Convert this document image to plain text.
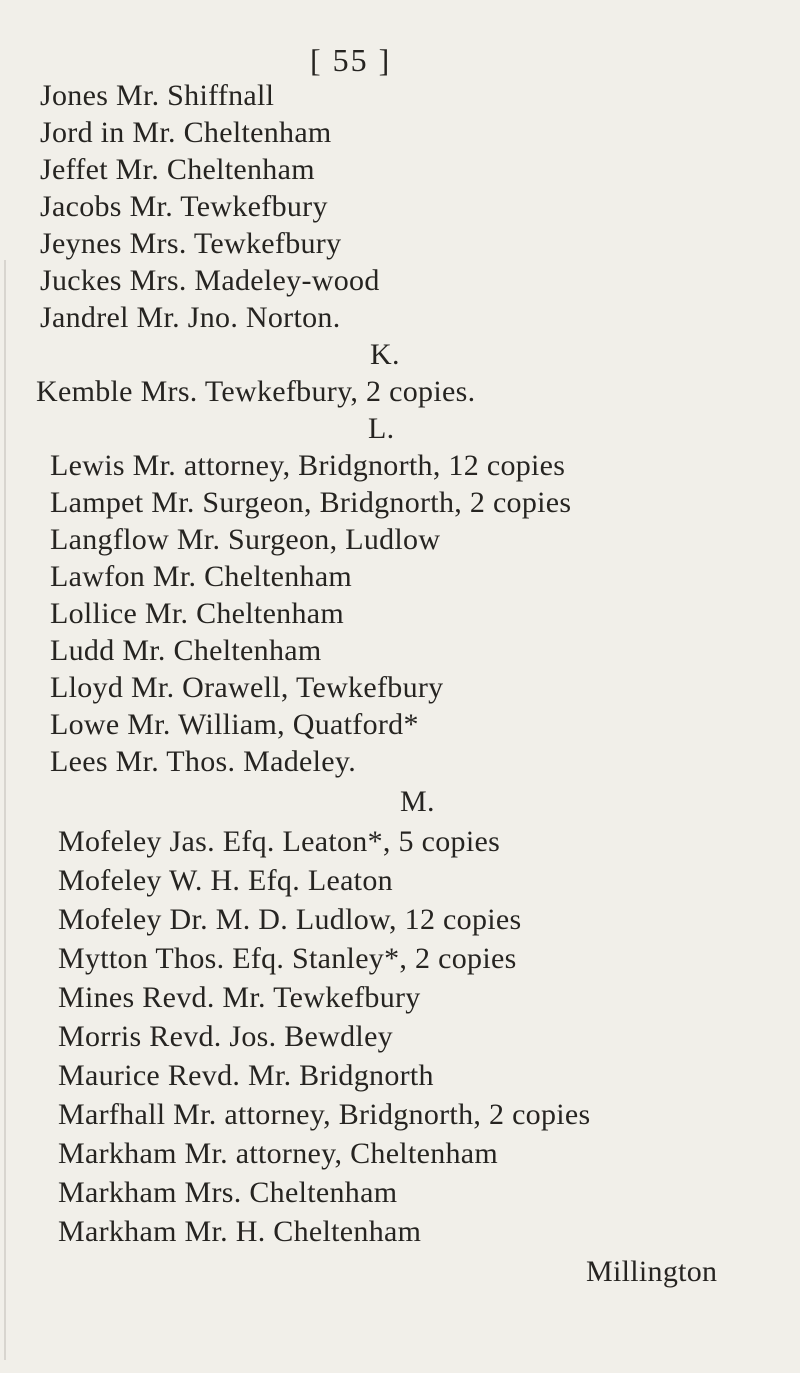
[ 55 ]
Jones Mr. Shiffnall
Jord in Mr. Cheltenham
Jeffet Mr. Cheltenham
Jacobs Mr. Tewkefbury
Jeynes Mrs. Tewkefbury
Juckes Mrs. Madeley-wood
Jandrel Mr. Jno. Norton.
K.
Kemble Mrs. Tewkefbury, 2 copies.
L.
Lewis Mr. attorney, Bridgnorth, 12 copies
Lampet Mr. Surgeon, Bridgnorth, 2 copies
Langflow Mr. Surgeon, Ludlow
Lawfon Mr. Cheltenham
Lollice Mr. Cheltenham
Ludd Mr. Cheltenham
Lloyd Mr. Orawell, Tewkefbury
Lowe Mr. William, Quatford*
Lees Mr. Thos. Madeley.
M.
Mofeley Jas. Efq. Leaton*, 5 copies
Mofeley W. H. Efq. Leaton
Mofeley Dr. M. D. Ludlow, 12 copies
Mytton Thos. Efq. Stanley*, 2 copies
Mines Revd. Mr. Tewkefbury
Morris Revd. Jos. Bewdley
Maurice Revd. Mr. Bridgnorth
Marfhall Mr. attorney, Bridgnorth, 2 copies
Markham Mr. attorney, Cheltenham
Markham Mrs. Cheltenham
Markham Mr. H. Cheltenham
Millington
